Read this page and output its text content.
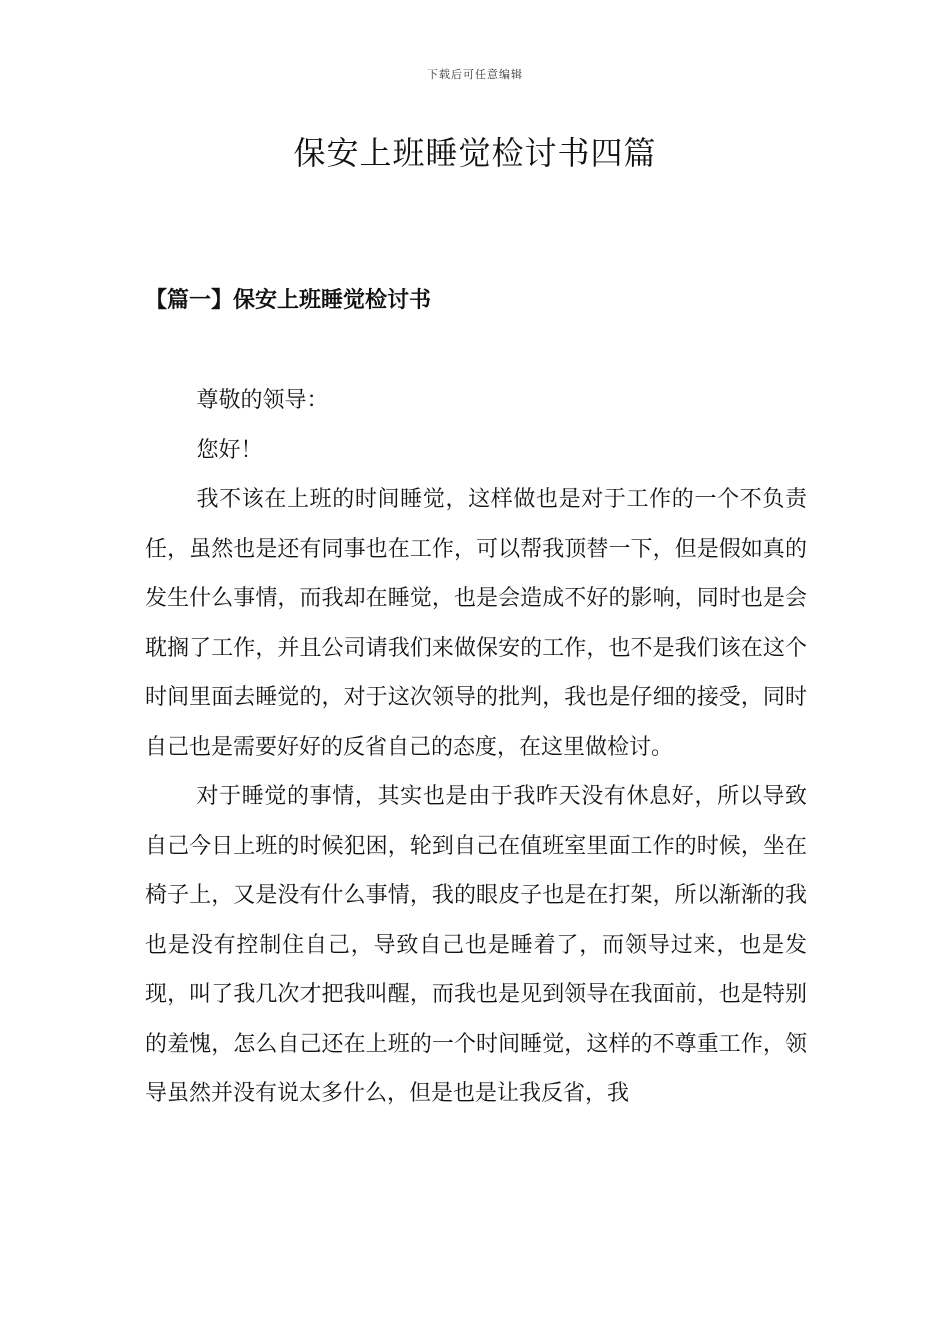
下载后可任意编辑
保安上班睡觉检讨书四篇
【篇一】保安上班睡觉检讨书

尊敬的领导：

您好！

我不该在上班的时间睡觉，这样做也是对于工作的一个不负责任，虽然也是还有同事也在工作，可以帮我顶替一下，但是假如真的发生什么事情，而我却在睡觉，也是会造成不好的影响，同时也是会耽搁了工作，并且公司请我们来做保安的工作，也不是我们该在这个时间里面去睡觉的，对于这次领导的批判，我也是仔细的接受，同时自己也是需要好好的反省自己的态度，在这里做检讨。

对于睡觉的事情，其实也是由于我昨天没有休息好，所以导致自己今日上班的时候犯困，轮到自己在值班室里面工作的时候，坐在椅子上，又是没有什么事情，我的眼皮子也是在打架，所以渐渐的我也是没有控制住自己，导致自己也是睡着了，而领导过来，也是发现，叫了我几次才把我叫醒，而我也是见到领导在我面前，也是特别的羞愧，怎么自己还在上班的一个时间睡觉，这样的不尊重工作，领导虽然并没有说太多什么，但是也是让我反省，我
